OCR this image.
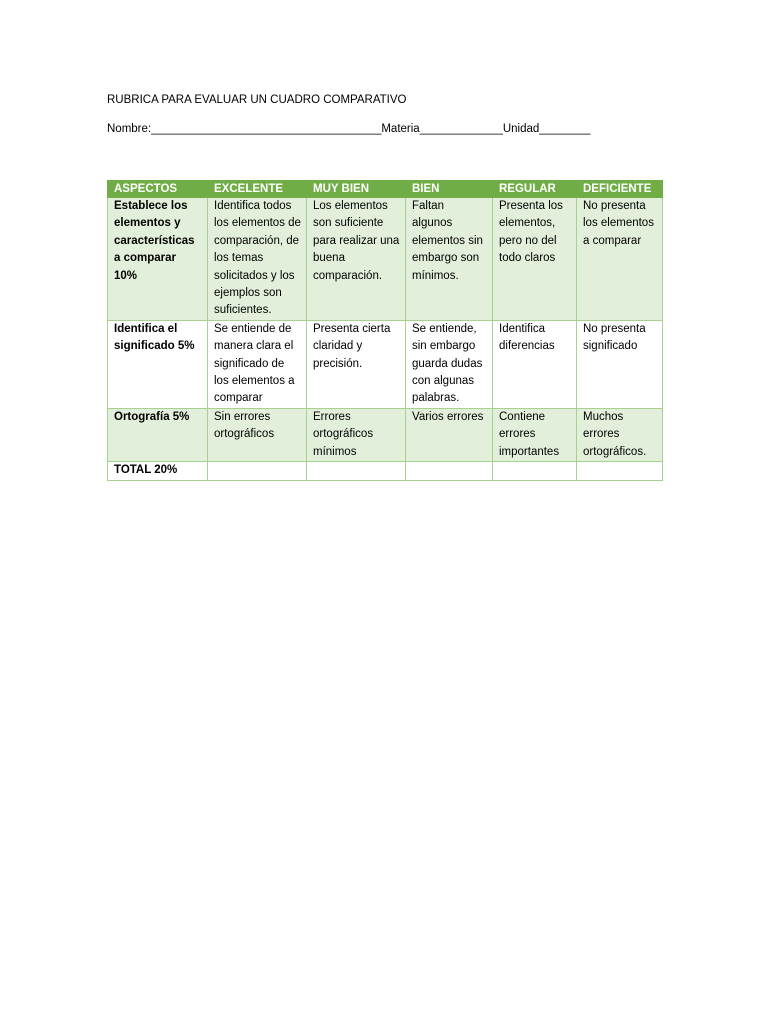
RUBRICA PARA EVALUAR UN CUADRO COMPARATIVO
Nombre:____________________________________Materia_____________Unidad________
ASPECTOS	EXCELENTE	MUY BIEN	BIEN	REGULAR	DEFICIENTE
Establece los elementos y características a comparar 10%	Identifica todos los elementos de comparación, de los temas solicitados y los ejemplos son suficientes.	Los elementos son suficiente para realizar una buena comparación.	Faltan algunos elementos sin embargo son mínimos.	Presenta los elementos, pero no del todo claros	No presenta los elementos a comparar
Identifica el significado 5%	Se entiende de manera clara el significado de los elementos a comparar	Presenta cierta claridad y precisión.	Se entiende, sin embargo guarda dudas con algunas palabras.	Identifica diferencias	No presenta significado
Ortografía 5%	Sin errores ortográficos	Errores ortográficos mínimos	Varios errores	Contiene errores importantes	Muchos errores ortográficos.
TOTAL 20%					
